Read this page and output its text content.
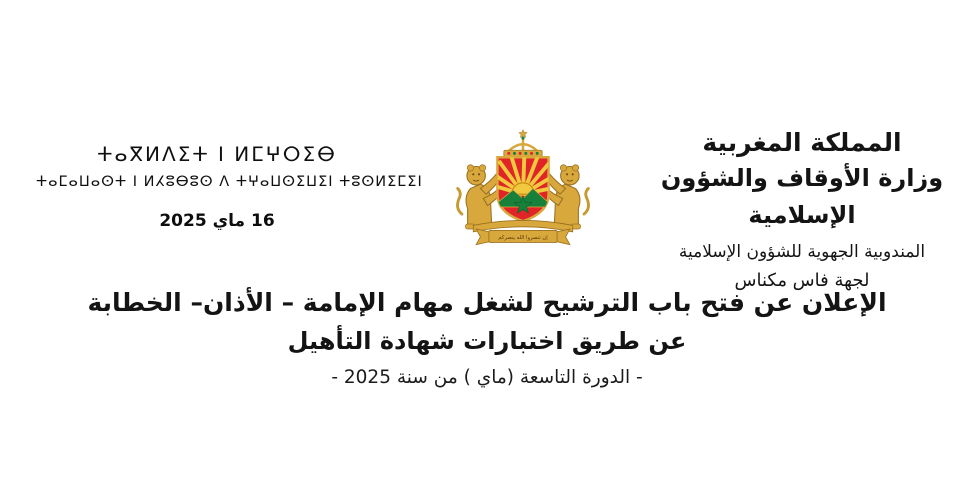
ⵜⴰⴳⵍⴷⵉⵜ ⵏ ⵍⵎⵖⵔⵉⴱ
ⵜⴰⵎⴰⵡⴰⵙⵜ ⵏ ⵍⵃⵓⴱⵓⵙ ⴷ ⵜⵖⴰⵡⵙⵉⵡⵉⵏ ⵜⵓⵙⵍⵉⵎⵉⵏ
16 ماي 2025
إن تنصروا الله ينصركم
المملكة المغربية
وزارة الأوقاف والشؤون الإسلامية
المندوبية الجهوية للشؤون الإسلامية
لجهة فاس مكناس
الإعلان عن فتح باب الترشيح لشغل مهام الإمامة – الأذان– الخطابة
عن طريق اختبارات شهادة التأهيل
- الدورة التاسعة (ماي ) من سنة 2025 -
